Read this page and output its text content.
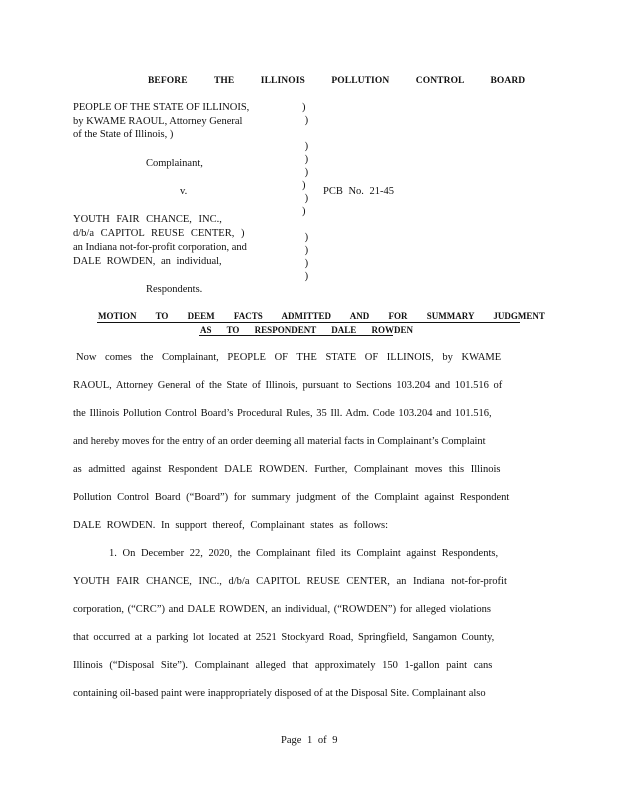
BEFORE THE ILLINOIS POLLUTION CONTROL BOARD
PEOPLE OF THE STATE OF ILLINOIS,
by KWAME RAOUL, Attorney General
of the State of Illinois, )
)
)

)
)
)
)
)
)

)
)
)
)
Complainant,
v.	PCB No. 21-45
YOUTH FAIR CHANCE, INC.,
d/b/a CAPITOL REUSE CENTER, )
an Indiana not-for-profit corporation, and
DALE ROWDEN, an individual,
Respondents.
MOTION TO DEEM FACTS ADMITTED AND FOR SUMMARY JUDGMENT
AS TO RESPONDENT DALE ROWDEN
Now comes the Complainant, PEOPLE OF THE STATE OF ILLINOIS, by KWAME
RAOUL, Attorney General of the State of Illinois, pursuant to Sections 103.204 and 101.516 of
the Illinois Pollution Control Board’s Procedural Rules, 35 Ill. Adm. Code 103.204 and 101.516,
and hereby moves for the entry of an order deeming all material facts in Complainant’s Complaint
as admitted against Respondent DALE ROWDEN. Further, Complainant moves this Illinois
Pollution Control Board (“Board”) for summary judgment of the Complaint against Respondent
DALE ROWDEN. In support thereof, Complainant states as follows:
1. On December 22, 2020, the Complainant filed its Complaint against Respondents,
YOUTH FAIR CHANCE, INC., d/b/a CAPITOL REUSE CENTER, an Indiana not-for-profit
corporation, (“CRC”) and DALE ROWDEN, an individual, (“ROWDEN”) for alleged violations
that occurred at a parking lot located at 2521 Stockyard Road, Springfield, Sangamon County,
Illinois (“Disposal Site”). Complainant alleged that approximately 150 1-gallon paint cans
containing oil-based paint were inappropriately disposed of at the Disposal Site. Complainant also
Page 1 of 9
